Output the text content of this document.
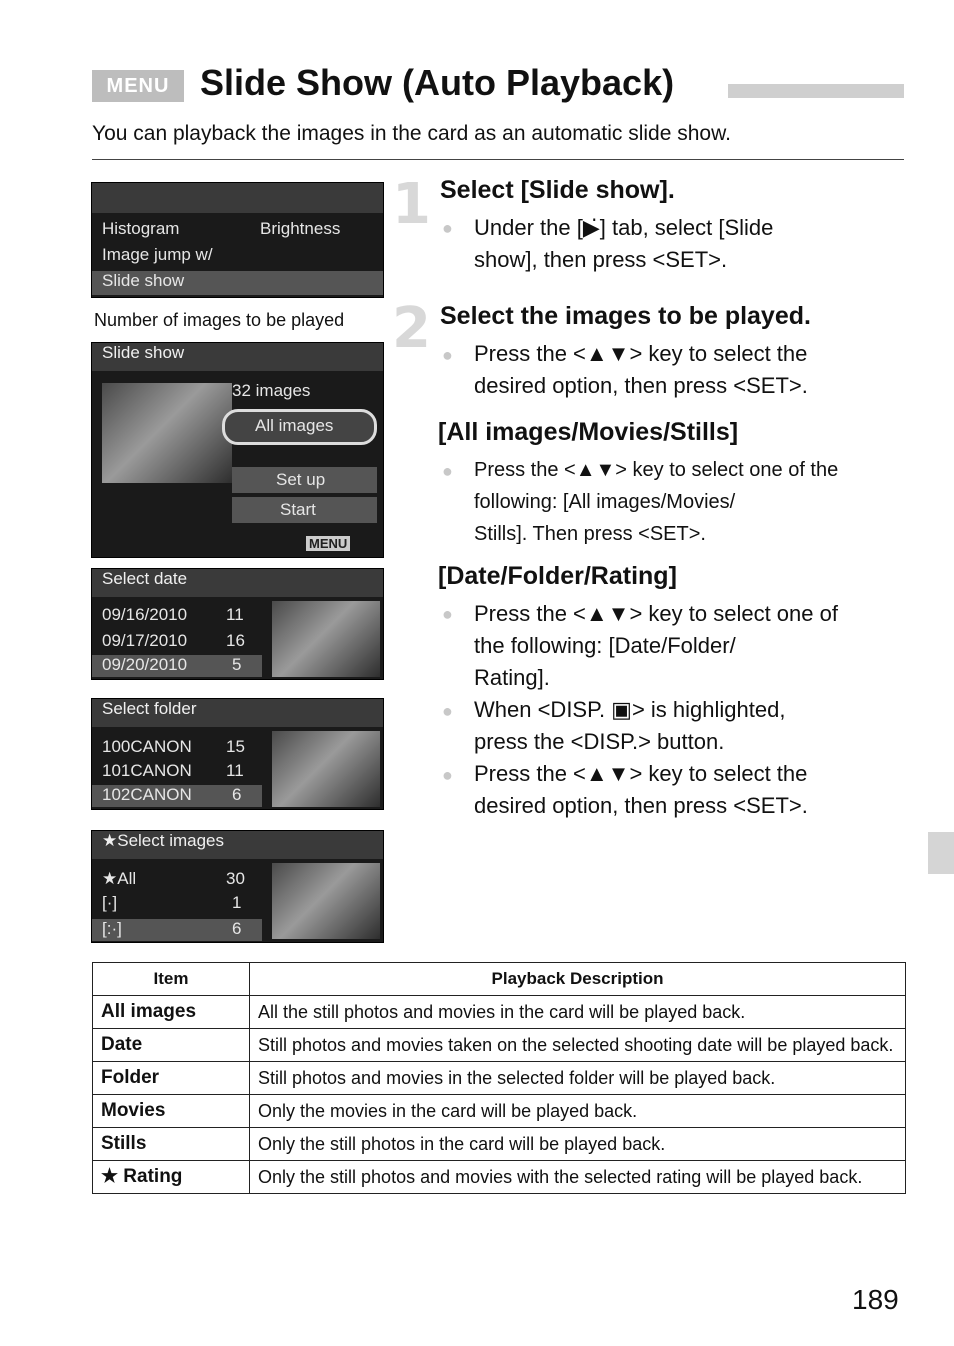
MENU Slide Show (Auto Playback)
You can playback the images in the card as an automatic slide show.
Histogram	Brightness
Image jump w/
Slide show
Number of images to be played
Slide show
32 images
All images
Set up
Start
MENU
Select date
09/16/2010 11
09/17/2010 16
09/20/2010	5
Select folder
100CANON 15
101CANON 11
102CANON 6
★Select images
★All	30
[·]	1
[:·]	6
1 Select [Slide show].
● Under the [▶̇] tab, select [Slide
show], then press <SET>.
2 Select the images to be played.
● Press the <▲▼> key to select the
desired option, then press <SET>.
[All images/Movies/Stills]
● Press the <▲▼> key to select one of the
following: [All images/Movies/
Stills]. Then press <SET>.
[Date/Folder/Rating]
● Press the <▲▼> key to select one of
the following: [Date/Folder/
Rating].
● When <DISP. ▣> is highlighted,
press the <DISP.> button.
● Press the <▲▼> key to select the
desired option, then press <SET>.
Item	Playback Description
All images	All the still photos and movies in the card will be played back.
Date	Still photos and movies taken on the selected shooting date will be played back.
Folder	Still photos and movies in the selected folder will be played back.
Movies	Only the movies in the card will be played back.
Stills	Only the still photos in the card will be played back.
★ Rating	Only the still photos and movies with the selected rating will be played back.
189
